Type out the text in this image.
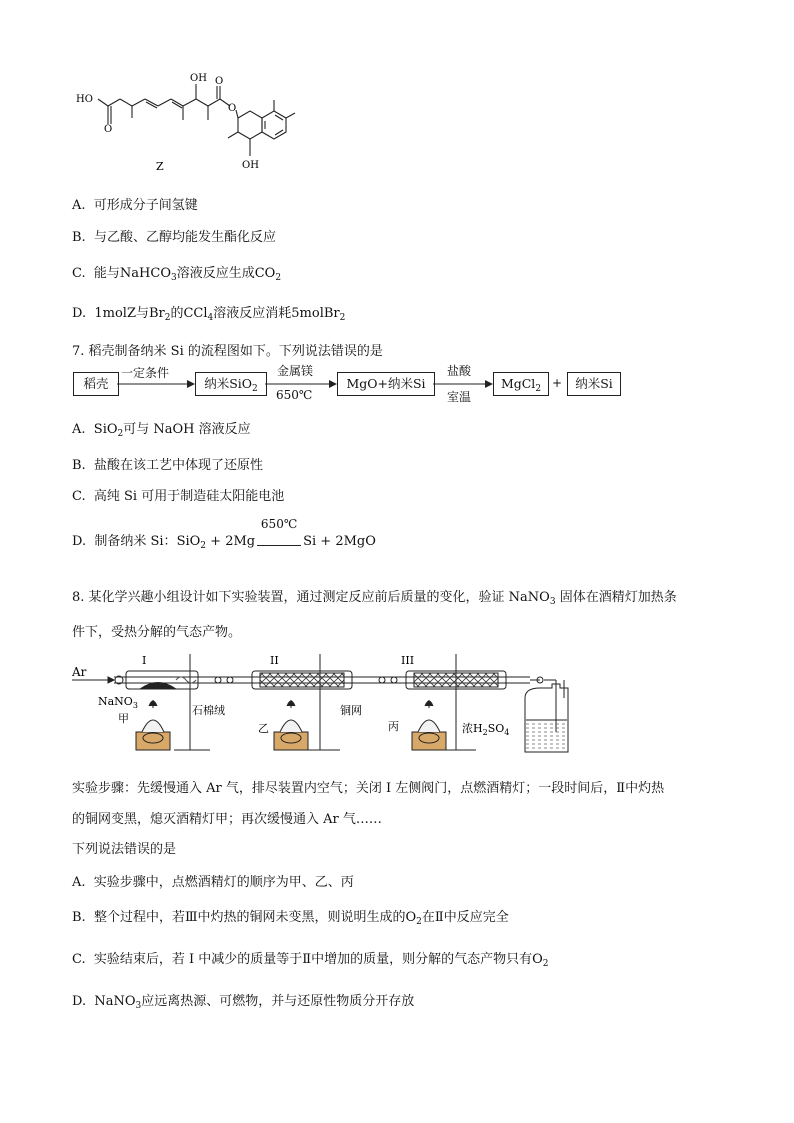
HO
O
OH O
O
OH
Z
A. 可形成分子间氢键
B. 与乙酸、乙醇均能发生酯化反应
C. 能与NaHCO$_3$溶液反应生成$CO_2$
D. 1molZ与$Br_2$的CCl$_4$溶液反应消耗5molBr$_2$
7. 稻壳制备纳米 Si 的流程图如下。下列说法错误的是
稻壳
一定条件
纳米SiO$_2$
金属镁
650℃
MgO+纳米Si
盐酸
室温
MgCl$_2$ +	纳米Si
A. SiO$_2$可与 NaOH 溶液反应
B. 盐酸在该工艺中体现了还原性
C. 高纯 Si 可用于制造硅太阳能电池
D. 制备纳米 Si：SiO$_2$ + 2Mg
650℃
Si + 2MgO
8. 某化学兴趣小组设计如下实验装置，通过测定反应前后质量的变化，验证 NaNO$_3$ 固体在酒精灯加热条
件下，受热分解的气态产物。
Ar
I	II	III
NaNO$_3$
甲
乙	丙
石棉绒	铜网
浓$H_2SO_4$
实验步骤：先缓慢通入 Ar 气，排尽装置内空气；关闭 I 左侧阀门，点燃酒精灯；一段时间后，Ⅱ中灼热
的铜网变黑，熄灭酒精灯甲；再次缓慢通入 Ar 气……
下列说法错误的是
A. 实验步骤中，点燃酒精灯的顺序为甲、乙、丙
B. 整个过程中，若Ⅲ中灼热的铜网未变黑，则说明生成的$O_2$在Ⅱ中反应完全
C. 实验结束后，若 I 中减少的质量等于Ⅱ中增加的质量，则分解的气态产物只有$O_2$
D. NaNO$_3$应远离热源、可燃物，并与还原性物质分开存放
